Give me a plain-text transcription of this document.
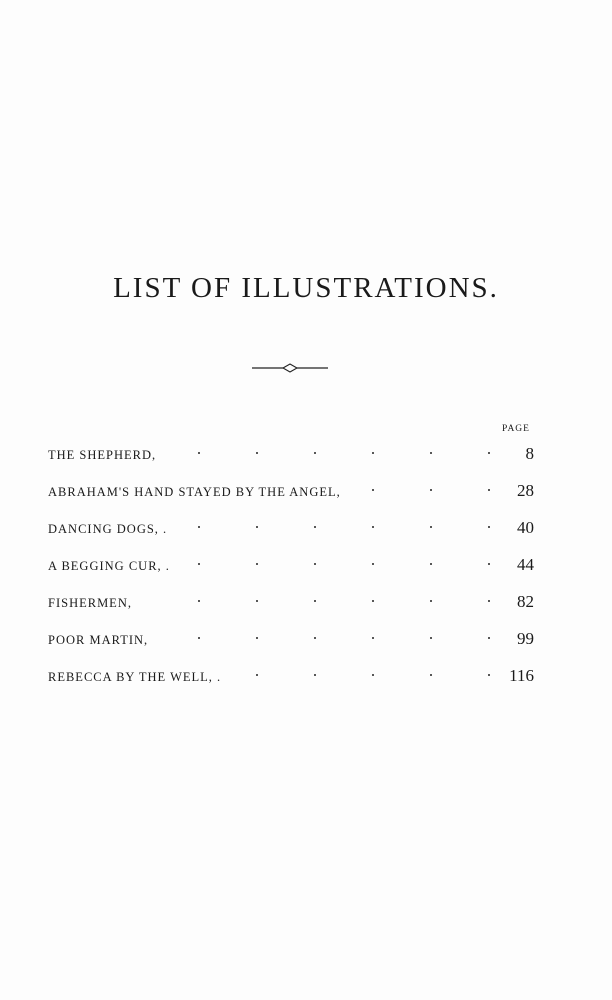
LIST OF ILLUSTRATIONS.
PAGE
THE SHEPHERD,	8
ABRAHAM'S HAND STAYED BY THE ANGEL,	28
DANCING DOGS, .	40
A BEGGING CUR, .	44
FISHERMEN,	82
POOR MARTIN,	99
REBECCA BY THE WELL, .	116
